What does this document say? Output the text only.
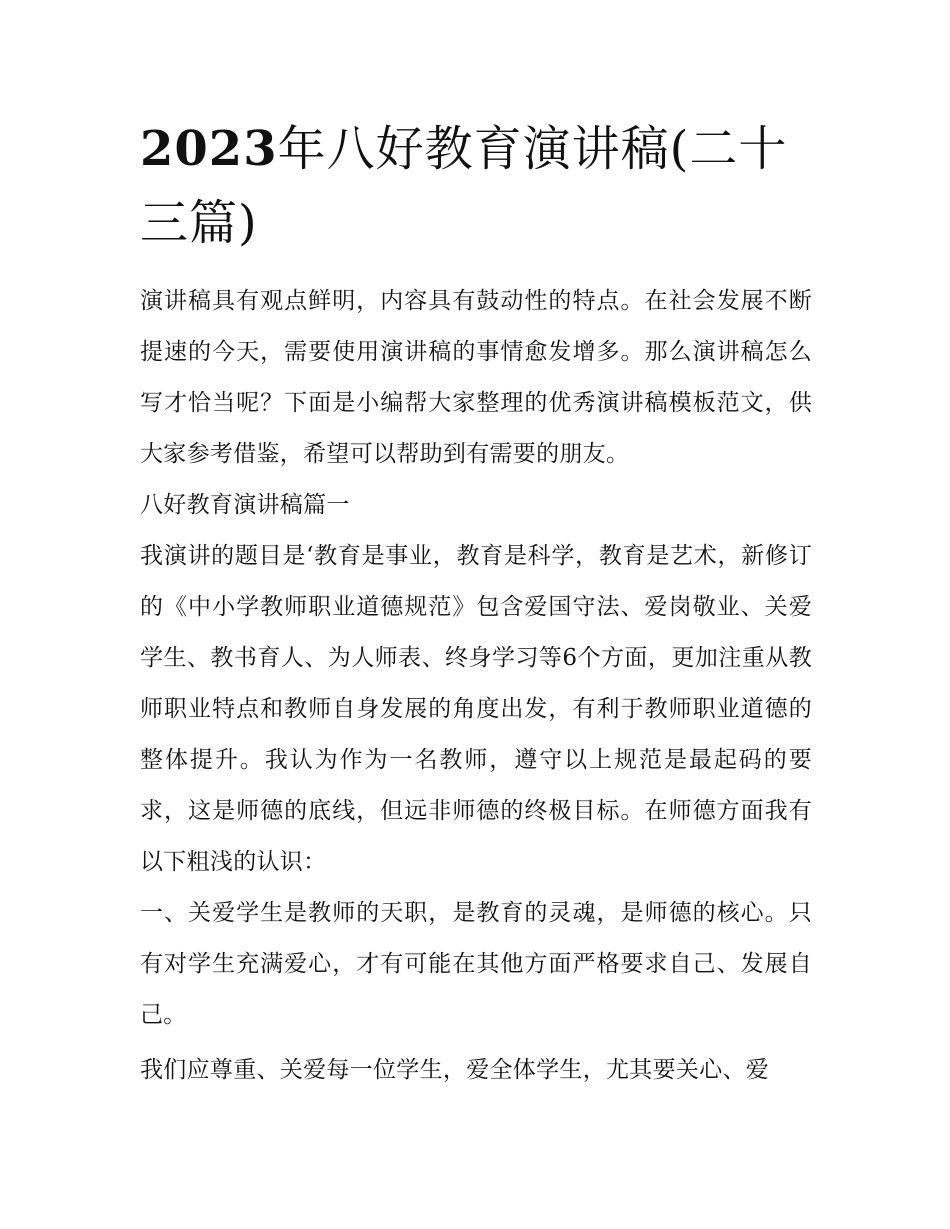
2023年八好教育演讲稿(二十三篇)

演讲稿具有观点鲜明，内容具有鼓动性的特点。在社会发展不断提速的今天，需要使用演讲稿的事情愈发增多。那么演讲稿怎么写才恰当呢？下面是小编帮大家整理的优秀演讲稿模板范文，供大家参考借鉴，希望可以帮助到有需要的朋友。

八好教育演讲稿篇一

我演讲的题目是‘教育是事业，教育是科学，教育是艺术，新修订的《中小学教师职业道德规范》包含爱国守法、爱岗敬业、关爱学生、教书育人、为人师表、终身学习等6个方面，更加注重从教师职业特点和教师自身发展的角度出发，有利于教师职业道德的整体提升。我认为作为一名教师，遵守以上规范是最起码的要求，这是师德的底线，但远非师德的终极目标。在师德方面我有以下粗浅的认识：

一、关爱学生是教师的天职，是教育的灵魂，是师德的核心。只有对学生充满爱心，才有可能在其他方面严格要求自己、发展自己。

我们应尊重、关爱每一位学生，爱全体学生，尤其要关心、爱
